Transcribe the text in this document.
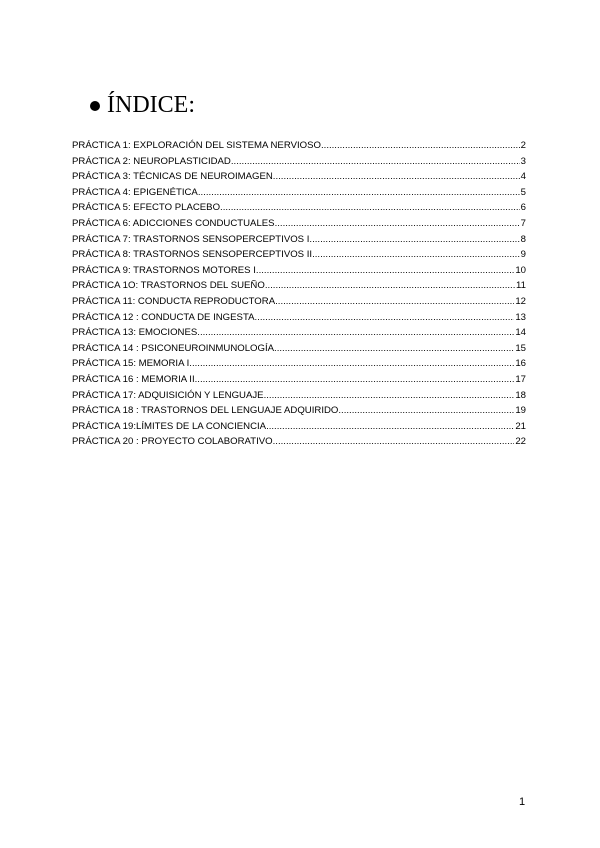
ÍNDICE:
PRÁCTICA 1: EXPLORACIÓN DEL SISTEMA NERVIOSO .....	2
PRÁCTICA 2: NEUROPLASTICIDAD .....	3
PRÁCTICA 3: TÉCNICAS DE NEUROIMAGEN .....	4
PRÁCTICA 4: EPIGENÉTICA .....	5
PRÁCTICA 5: EFECTO PLACEBO .....	6
PRÁCTICA 6: ADICCIONES CONDUCTUALES .....	7
PRÁCTICA 7: TRASTORNOS SENSOPERCEPTIVOS I .....	8
PRÁCTICA 8: TRASTORNOS SENSOPERCEPTIVOS II .....	9
PRÁCTICA 9: TRASTORNOS MOTORES I .....	10
PRÁCTICA 1O: TRASTORNOS DEL SUEÑO .....	11
PRÁCTICA 11: CONDUCTA REPRODUCTORA .....	12
PRÁCTICA 12 : CONDUCTA DE INGESTA .....	13
PRÁCTICA 13: EMOCIONES .....	14
PRÁCTICA 14 : PSICONEUROINMUNOLOGÍA .....	15
PRÁCTICA 15: MEMORIA I .....	16
PRÁCTICA 16 : MEMORIA II .....	17
PRÁCTICA 17: ADQUISICIÓN Y LENGUAJE .....	18
PRÁCTICA 18 : TRASTORNOS DEL LENGUAJE ADQUIRIDO .....	19
PRÁCTICA 19:LÍMITES DE LA CONCIENCIA .....	21
PRÁCTICA 20 : PROYECTO COLABORATIVO. .....	22
1
